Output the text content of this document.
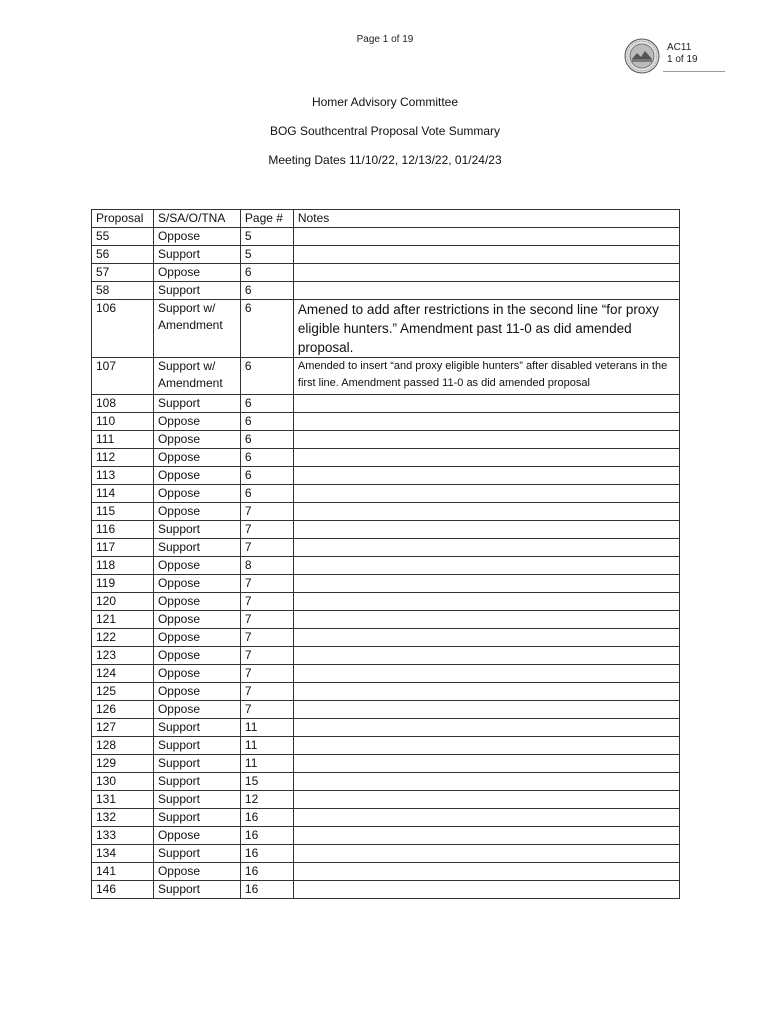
Page 1 of 19
AC11
1 of 19
Homer Advisory Committee
BOG Southcentral Proposal Vote Summary
Meeting Dates 11/10/22, 12/13/22, 01/24/23
Proposal	S/SA/O/TNA	Page #	Notes
55	Oppose	5	
56	Support	5	
57	Oppose	6	
58	Support	6	
106	Support w/ Amendment	6	Amened to add after restrictions in the second line “for proxy eligible hunters.” Amendment past 11-0 as did amended proposal.
107	Support w/ Amendment	6	Amended to insert “and proxy eligible hunters” after disabled veterans in the first line. Amendment passed 11-0 as did amended proposal
108	Support	6	
110	Oppose	6	
111	Oppose	6	
112	Oppose	6	
113	Oppose	6	
114	Oppose	6	
115	Oppose	7	
116	Support	7	
117	Support	7	
118	Oppose	8	
119	Oppose	7	
120	Oppose	7	
121	Oppose	7	
122	Oppose	7	
123	Oppose	7	
124	Oppose	7	
125	Oppose	7	
126	Oppose	7	
127	Support	11	
128	Support	11	
129	Support	11	
130	Support	15	
131	Support	12	
132	Support	16	
133	Oppose	16	
134	Support	16	
141	Oppose	16	
146	Support	16	
